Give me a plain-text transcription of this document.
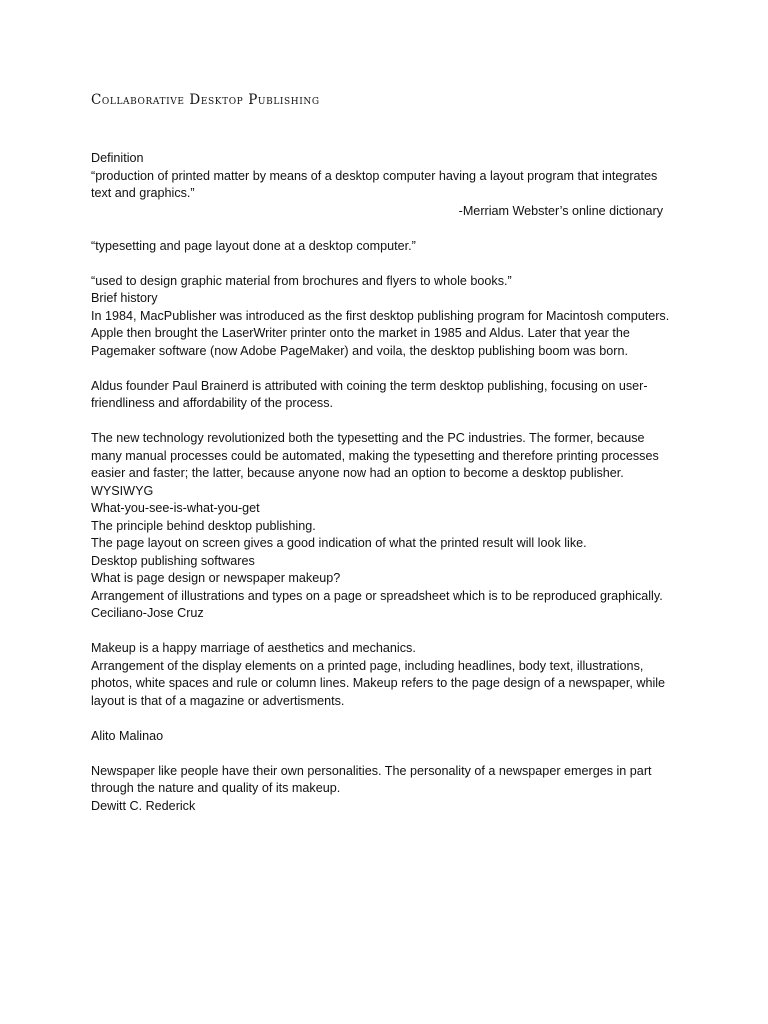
Collaborative Desktop Publishing
Definition
“production of printed matter by means of a desktop computer having a layout program that integrates
text and graphics.”
-Merriam Webster’s online dictionary
“typesetting and page layout done at a desktop computer.”
“used to design graphic material from brochures and flyers to whole books.”
Brief history
In 1984, MacPublisher was introduced as the first desktop publishing program for Macintosh computers.
Apple then brought the LaserWriter printer onto the market in 1985 and Aldus. Later that year the
Pagemaker software (now Adobe PageMaker) and voila, the desktop publishing boom was born.
Aldus founder Paul Brainerd is attributed with coining the term desktop publishing, focusing on user-
friendliness and affordability of the process.
The new technology revolutionized both the typesetting and the PC industries. The former, because
many manual processes could be automated, making the typesetting and therefore printing processes
easier and faster; the latter, because anyone now had an option to become a desktop publisher.
WYSIWYG
What-you-see-is-what-you-get
The principle behind desktop publishing.
The page layout on screen gives a good indication of what the printed result will look like.
Desktop publishing softwares
What is page design or newspaper makeup?
Arrangement of illustrations and types on a page or spreadsheet which is to be reproduced graphically.
Ceciliano-Jose Cruz
Makeup is a happy marriage of aesthetics and mechanics.
Arrangement of the display elements on a printed page, including headlines, body text, illustrations,
photos, white spaces and rule or column lines. Makeup refers to the page design of a newspaper, while
layout is that of a magazine or advertisments.
Alito Malinao
Newspaper like people have their own personalities. The personality of a newspaper emerges in part
through the nature and quality of its makeup.
Dewitt C. Rederick
